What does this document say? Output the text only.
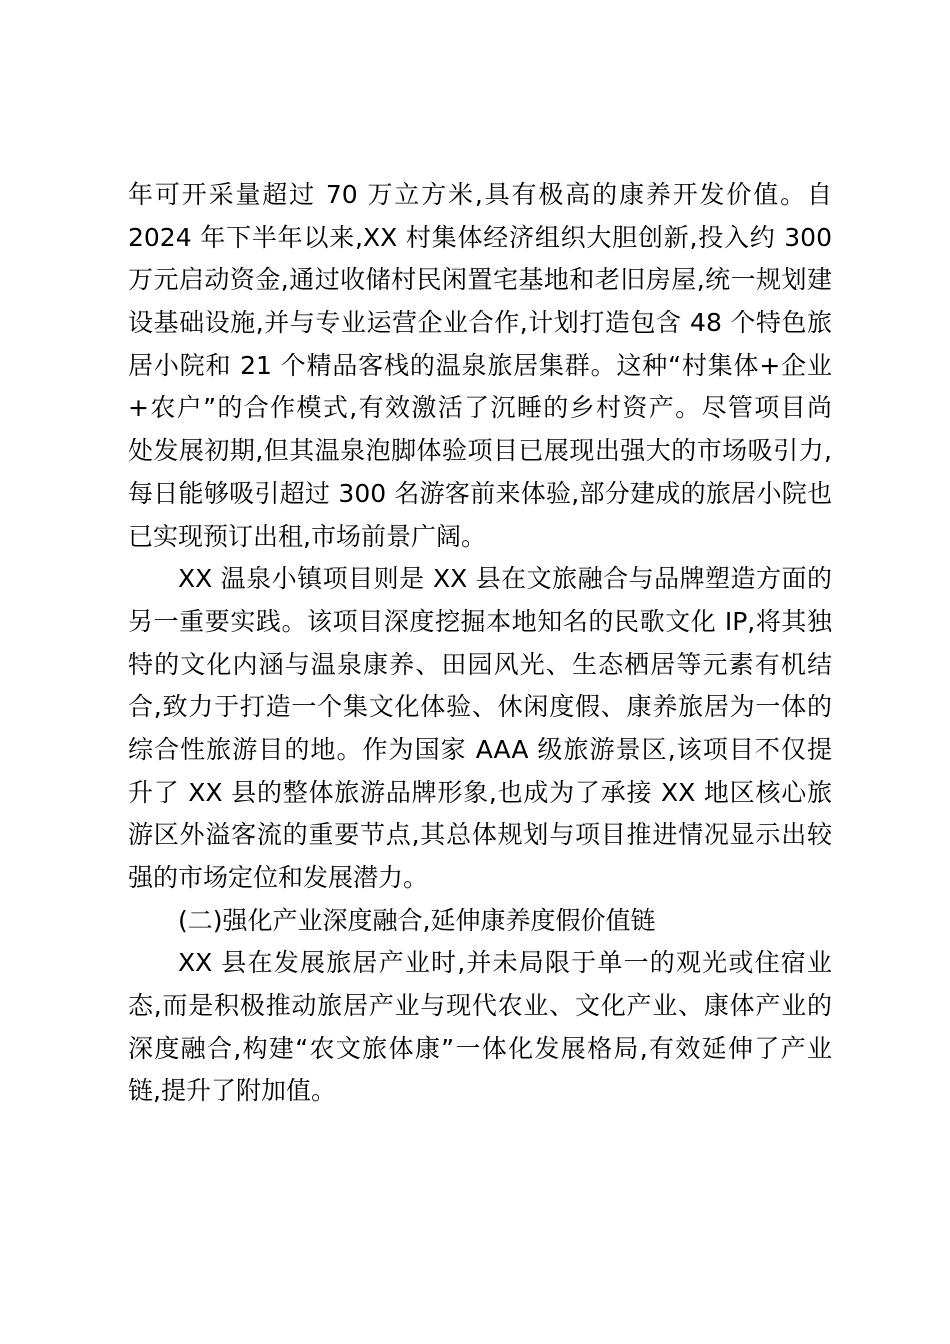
年可开采量超过 70 万立方米,具有极高的康养开发价值。自
2024 年下半年以来,XX 村集体经济组织大胆创新,投入约 300
万元启动资金,通过收储村民闲置宅基地和老旧房屋,统一规划建
设基础设施,并与专业运营企业合作,计划打造包含 48 个特色旅
居小院和 21 个精品客栈的温泉旅居集群。这种“村集体+企业
+农户”的合作模式,有效激活了沉睡的乡村资产。尽管项目尚
处发展初期,但其温泉泡脚体验项目已展现出强大的市场吸引力,
每日能够吸引超过 300 名游客前来体验,部分建成的旅居小院也
已实现预订出租,市场前景广阔。
XX 温泉小镇项目则是 XX 县在文旅融合与品牌塑造方面的
另一重要实践。该项目深度挖掘本地知名的民歌文化 IP,将其独
特的文化内涵与温泉康养、田园风光、生态栖居等元素有机结
合,致力于打造一个集文化体验、休闲度假、康养旅居为一体的
综合性旅游目的地。作为国家 AAA 级旅游景区,该项目不仅提
升了 XX 县的整体旅游品牌形象,也成为了承接 XX 地区核心旅
游区外溢客流的重要节点,其总体规划与项目推进情况显示出较
强的市场定位和发展潜力。
(二)强化产业深度融合,延伸康养度假价值链
XX 县在发展旅居产业时,并未局限于单一的观光或住宿业
态,而是积极推动旅居产业与现代农业、文化产业、康体产业的
深度融合,构建“农文旅体康”一体化发展格局,有效延伸了产业
链,提升了附加值。
